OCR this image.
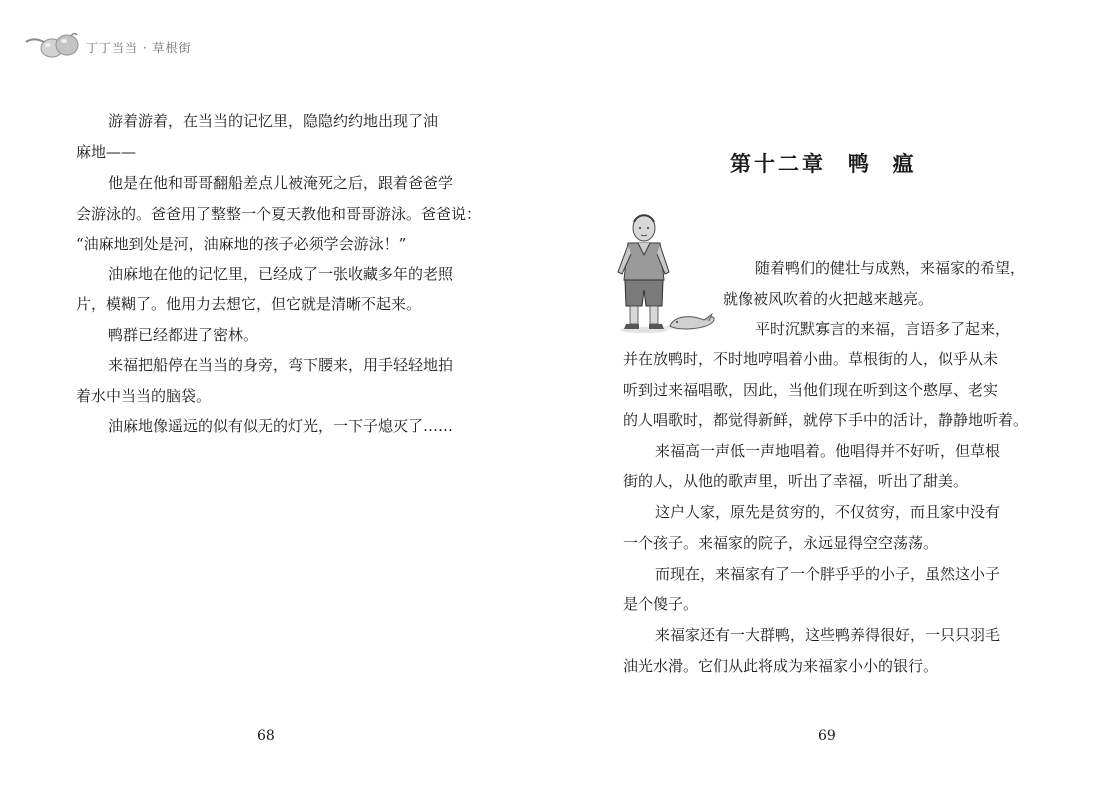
丁丁当当 · 草根街

游着游着，在当当的记忆里，隐隐约约地出现了油

麻地——

他是在他和哥哥翻船差点儿被淹死之后，跟着爸爸学

会游泳的。爸爸用了整整一个夏天教他和哥哥游泳。爸爸说：

“油麻地到处是河，油麻地的孩子必须学会游泳！”

油麻地在他的记忆里，已经成了一张收藏多年的老照

片，模糊了。他用力去想它，但它就是清晰不起来。

鸭群已经都进了密林。

来福把船停在当当的身旁，弯下腰来，用手轻轻地拍

着水中当当的脑袋。

油麻地像遥远的似有似无的灯光，一下子熄灭了……

第十二章 鸭  瘟

随着鸭们的健壮与成熟，来福家的希望，

就像被风吹着的火把越来越亮。

平时沉默寡言的来福，言语多了起来，

并在放鸭时，不时地哼唱着小曲。草根街的人，似乎从未

听到过来福唱歌，因此，当他们现在听到这个憨厚、老实

的人唱歌时，都觉得新鲜，就停下手中的活计，静静地听着。

来福高一声低一声地唱着。他唱得并不好听，但草根

街的人，从他的歌声里，听出了幸福，听出了甜美。

这户人家，原先是贫穷的，不仅贫穷，而且家中没有

一个孩子。来福家的院子，永远显得空空荡荡。

而现在，来福家有了一个胖乎乎的小子，虽然这小子

是个傻子。

来福家还有一大群鸭，这些鸭养得很好，一只只羽毛

油光水滑。它们从此将成为来福家小小的银行。

68	69
